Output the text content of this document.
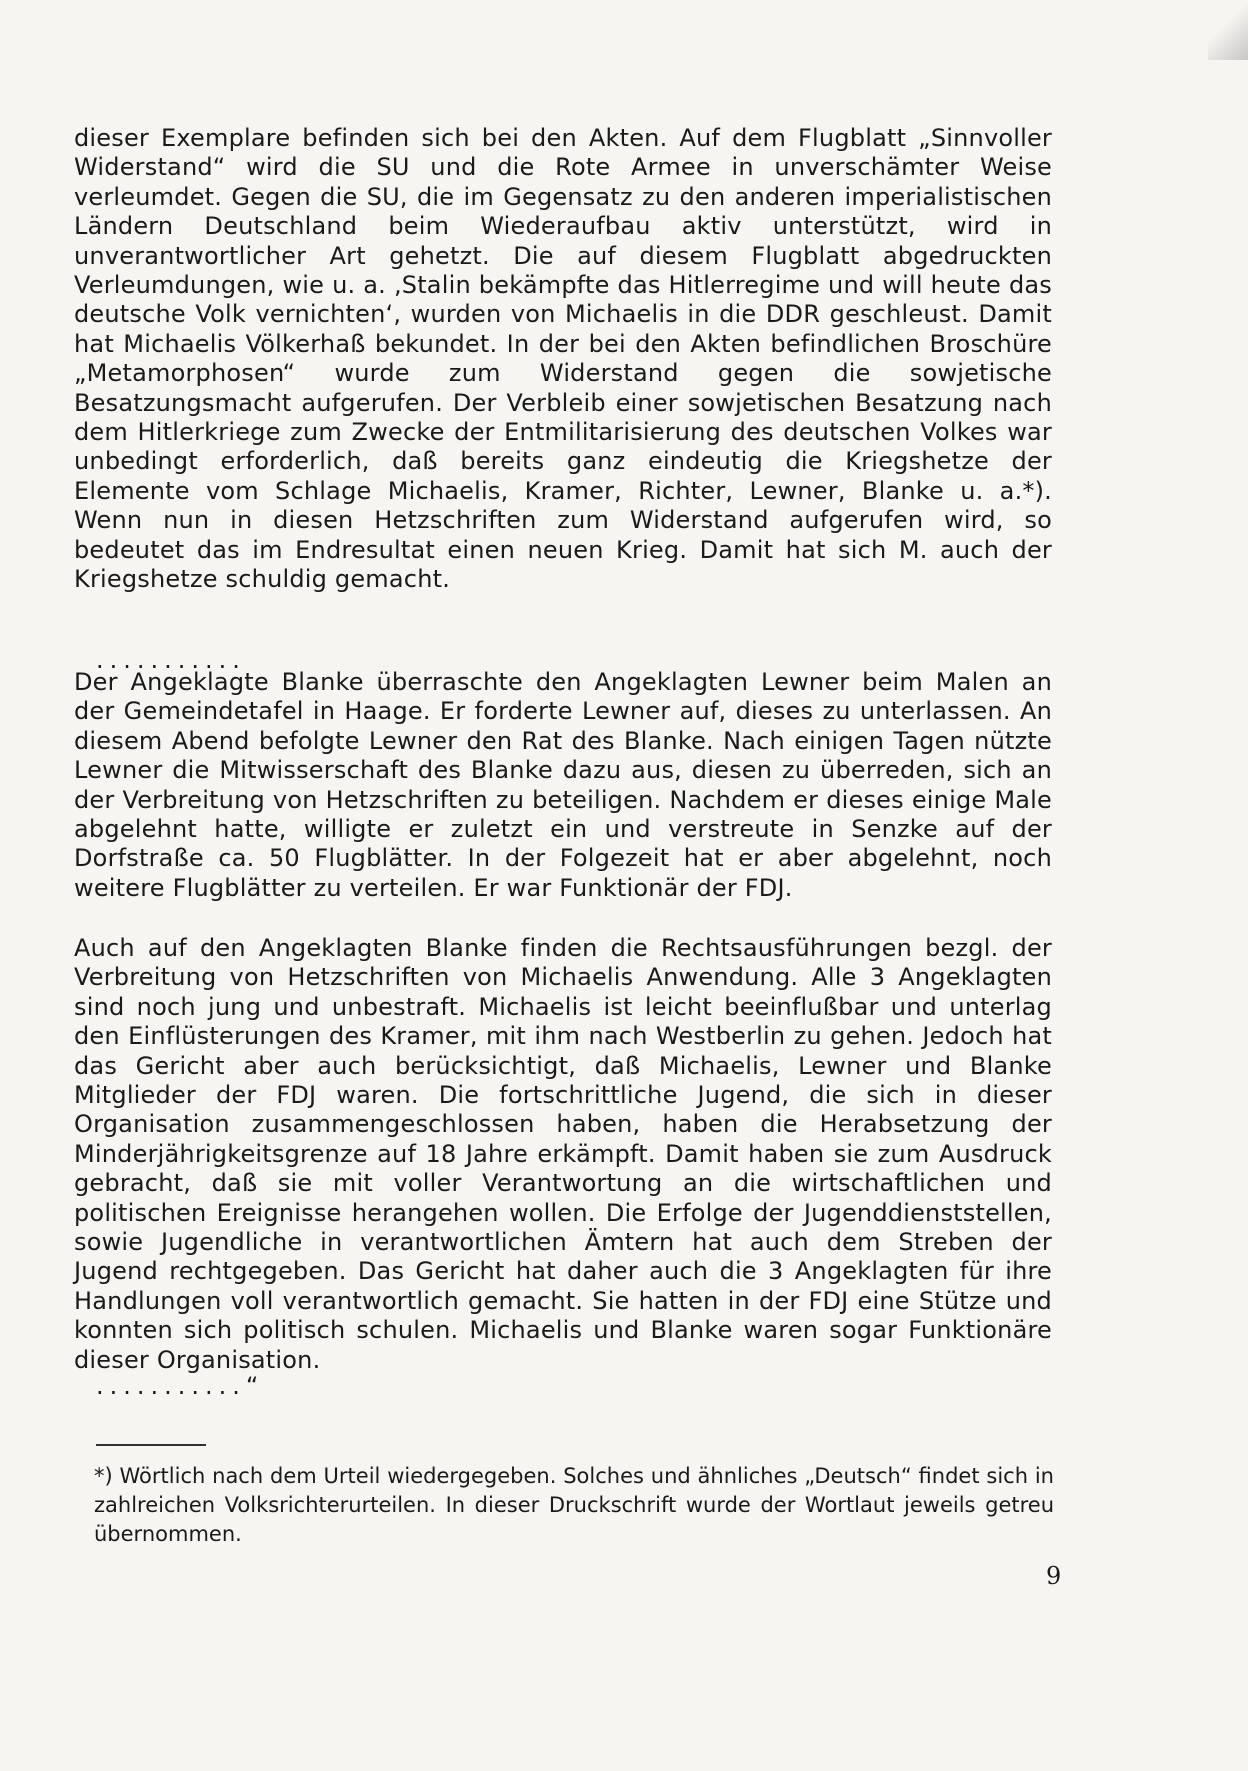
dieser Exemplare befinden sich bei den Akten. Auf dem Flugblatt „Sinnvoller Widerstand“ wird die SU und die Rote Armee in unverschämter Weise verleumdet. Gegen die SU, die im Gegensatz zu den anderen imperialistischen Ländern Deutschland beim Wiederaufbau aktiv unterstützt, wird in unverantwortlicher Art gehetzt. Die auf diesem Flugblatt abgedruckten Verleumdungen, wie u. a. ‚Stalin bekämpfte das Hitlerregime und will heute das deutsche Volk vernichten‘, wurden von Michaelis in die DDR geschleust. Damit hat Michaelis Völkerhaß bekundet. In der bei den Akten befindlichen Broschüre „Metamorphosen“ wurde zum Widerstand gegen die sowjetische Besatzungsmacht aufgerufen. Der Verbleib einer sowjetischen Besatzung nach dem Hitlerkriege zum Zwecke der Entmilitarisierung des deutschen Volkes war unbedingt erforderlich, daß bereits ganz eindeutig die Kriegshetze der Elemente vom Schlage Michaelis, Kramer, Richter, Lewner, Blanke u. a.*). Wenn nun in diesen Hetzschriften zum Widerstand aufgerufen wird, so bedeutet das im Endresultat einen neuen Krieg. Damit hat sich M. auch der Kriegshetze schuldig gemacht.
...........
Der Angeklagte Blanke überraschte den Angeklagten Lewner beim Malen an der Gemeindetafel in Haage. Er forderte Lewner auf, dieses zu unterlassen. An diesem Abend befolgte Lewner den Rat des Blanke. Nach einigen Tagen nützte Lewner die Mitwisserschaft des Blanke dazu aus, diesen zu überreden, sich an der Verbreitung von Hetzschriften zu beteiligen. Nachdem er dieses einige Male abgelehnt hatte, willigte er zuletzt ein und verstreute in Senzke auf der Dorfstraße ca. 50 Flugblätter. In der Folgezeit hat er aber abgelehnt, noch weitere Flugblätter zu verteilen. Er war Funktionär der FDJ.
Auch auf den Angeklagten Blanke finden die Rechtsausführungen bezgl. der Verbreitung von Hetzschriften von Michaelis Anwendung. Alle 3 Angeklagten sind noch jung und unbestraft. Michaelis ist leicht beeinflußbar und unterlag den Einflüsterungen des Kramer, mit ihm nach Westberlin zu gehen. Jedoch hat das Gericht aber auch berücksichtigt, daß Michaelis, Lewner und Blanke Mitglieder der FDJ waren. Die fortschrittliche Jugend, die sich in dieser Organisation zusammengeschlossen haben, haben die Herabsetzung der Minderjährigkeitsgrenze auf 18 Jahre erkämpft. Damit haben sie zum Ausdruck gebracht, daß sie mit voller Verantwortung an die wirtschaftlichen und politischen Ereignisse herangehen wollen. Die Erfolge der Jugenddienststellen, sowie Jugendliche in verantwortlichen Ämtern hat auch dem Streben der Jugend rechtgegeben. Das Gericht hat daher auch die 3 Angeklagten für ihre Handlungen voll verantwortlich gemacht. Sie hatten in der FDJ eine Stütze und konnten sich politisch schulen. Michaelis und Blanke waren sogar Funktionäre dieser Organisation.
...........“
*) Wörtlich nach dem Urteil wiedergegeben. Solches und ähnliches „Deutsch“ findet sich in zahlreichen Volksrichterurteilen. In dieser Druckschrift wurde der Wortlaut jeweils getreu übernommen.
9
